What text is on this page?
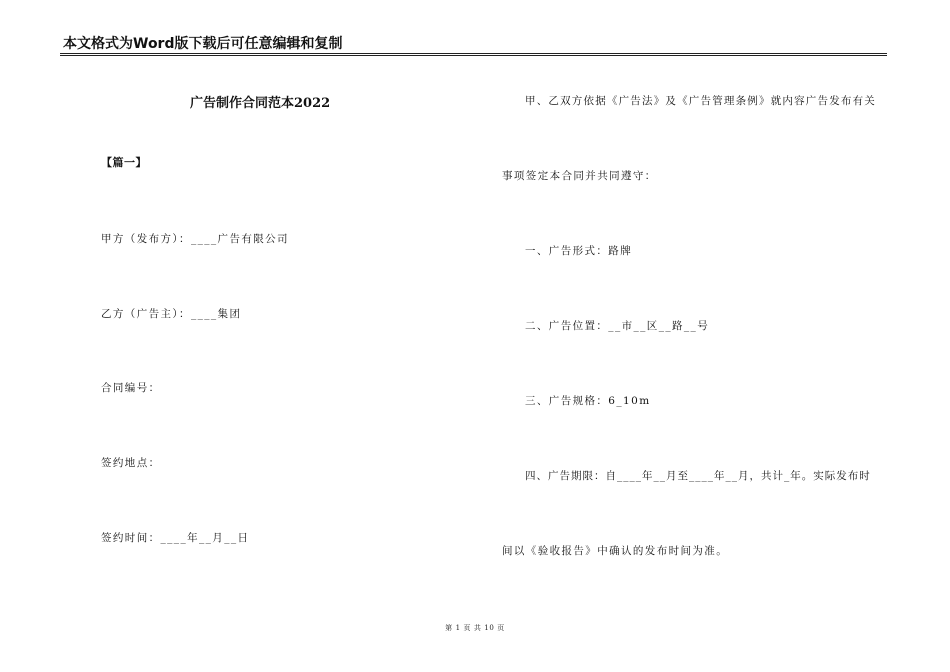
本文格式为Word版下载后可任意编辑和复制
广告制作合同范本2022
【篇一】
甲方（发布方）：____广告有限公司
乙方（广告主）：____集团
合同编号：
签约地点：
签约时间：____年__月__日
甲、乙双方依据《广告法》及《广告管理条例》就内容广告发布有关
事项签定本合同并共同遵守：
一、广告形式：路牌
二、广告位置：__市__区__路__号
三、广告规格：6_10m
四、广告期限：自____年__月至____年__月，共计_年。实际发布时
间以《验收报告》中确认的发布时间为准。
第 1 页 共 10 页
